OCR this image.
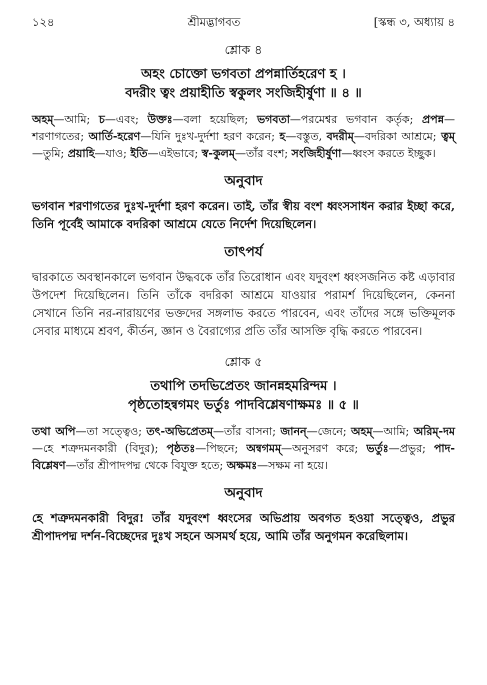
১২৪	শ্রীমদ্ভাগবত	[স্কন্ধ ৩, অধ্যায় ৪
শ্লোক ৪
অহং চোক্তো ভগবতা প্রপন্নার্তিহরেণ হ ।
বদরীং ত্বং প্রয়াহীতি স্বকুলং সংজিহীর্ষুণা ॥ ৪ ॥
অহম্—আমি; চ—এবং; উক্তঃ—বলা হয়েছিল; ভগবতা—পরমেশ্বর ভগবান কর্তৃক; প্রপন্ন—শরণাগতের; আর্তি-হরেণ—যিনি দুঃখ-দুর্দশা হরণ করেন; হ—বস্তুত, বদরীম্—বদরিকা আশ্রমে; ত্বম্—তুমি; প্রয়াহি—যাও; ইতি—এইভাবে; স্ব-কুলম্—তাঁর বংশ; সংজিহীর্ষুণা—ধ্বংস করতে ইচ্ছুক।
অনুবাদ
ভগবান শরণাগতের দুঃখ-দুর্দশা হরণ করেন। তাই, তাঁর স্বীয় বংশ ধ্বংসসাধন করার ইচ্ছা করে, তিনি পূর্বেই আমাকে বদরিকা আশ্রমে যেতে নির্দেশ দিয়েছিলেন।
তাৎপর্য
দ্বারকাতে অবস্থানকালে ভগবান উদ্ধবকে তাঁর তিরোধান এবং যদুবংশ ধ্বংসজনিত কষ্ট এড়াবার উপদেশ দিয়েছিলেন। তিনি তাঁকে বদরিকা আশ্রমে যাওয়ার পরামর্শ দিয়েছিলেন, কেননা সেখানে তিনি নর-নারায়ণের ভক্তদের সঙ্গলাভ করতে পারবেন, এবং তাঁদের সঙ্গে ভক্তিমূলক সেবার মাধ্যমে শ্রবণ, কীর্তন, জ্ঞান ও বৈরাগ্যের প্রতি তাঁর আসক্তি বৃদ্ধি করতে পারবেন।
শ্লোক ৫
তথাপি তদভিপ্রেতং জানন্নহমরিন্দম ।
পৃষ্ঠতোহন্বগমং ভর্তুঃ পাদবিশ্লেষণাক্ষমঃ ॥ ৫ ॥
তথা অপি—তা সত্ত্বেও; তৎ-অভিপ্রেতম্—তাঁর বাসনা; জানন্—জেনে; অহম্—আমি; অরিম্-দম—হে শত্রুদমনকারী (বিদুর); পৃষ্ঠতঃ—পিছনে; অন্বগমম্—অনুসরণ করে; ভর্তুঃ—প্রভুর; পাদ-বিশ্লেষণ—তাঁর শ্রীপাদপদ্ম থেকে বিযুক্ত হতে; অক্ষমঃ—সক্ষম না হয়ে।
অনুবাদ
হে শত্রুদমনকারী বিদুর! তাঁর যদুবংশ ধ্বংসের অভিপ্রায় অবগত হওয়া সত্ত্বেও, প্রভুর শ্রীপাদপদ্ম দর্শন-বিচ্ছেদের দুঃখ সহনে অসমর্থ হয়ে, আমি তাঁর অনুগমন করেছিলাম।
